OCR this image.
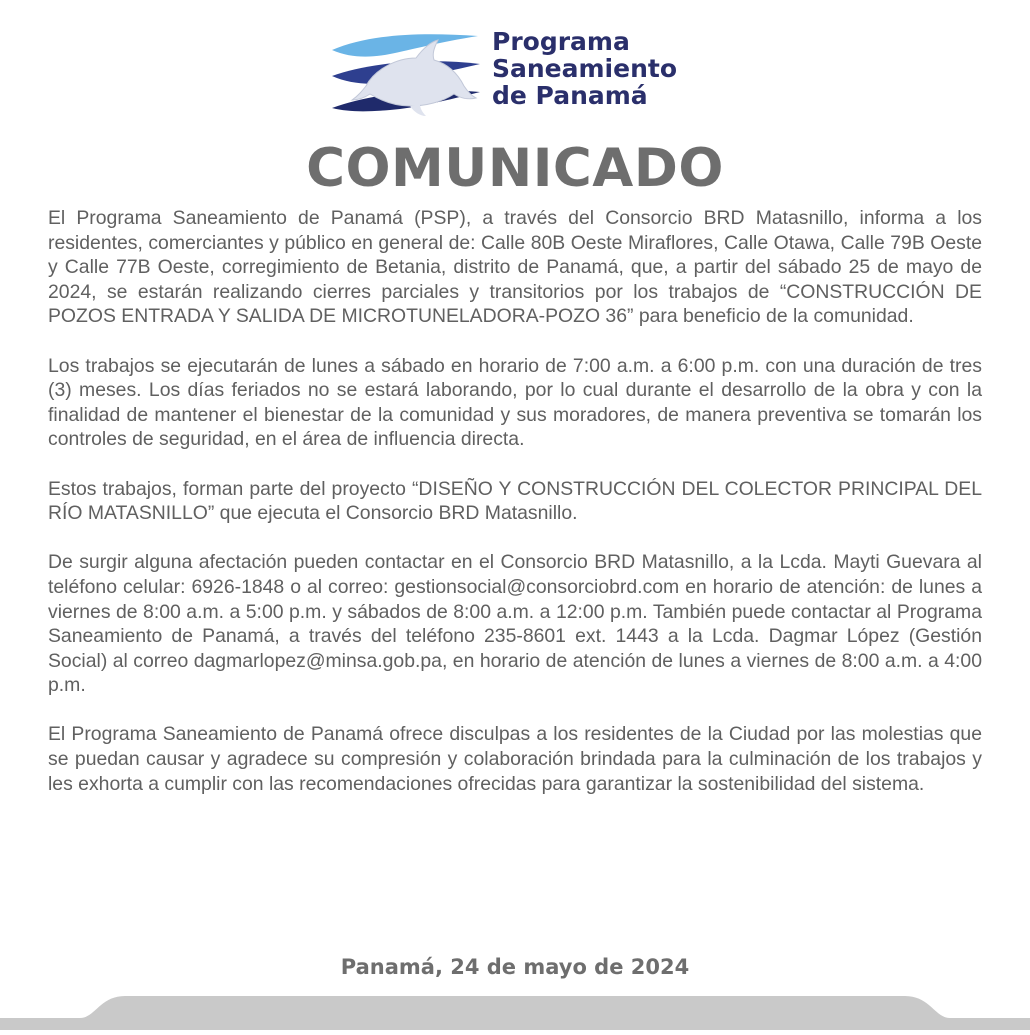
Programa
Saneamiento
de Panamá
COMUNICADO

El Programa Saneamiento de Panamá (PSP), a través del Consorcio BRD Matasnillo, informa a los residentes, comerciantes y público en general de: Calle 80B Oeste Miraflores, Calle Otawa, Calle 79B Oeste y Calle 77B Oeste, corregimiento de Betania, distrito de Panamá, que, a partir del sábado 25 de mayo de 2024, se estarán realizando cierres parciales y transitorios por los trabajos de “CONSTRUCCIÓN DE POZOS ENTRADA Y SALIDA DE MICROTUNELADORA-POZO 36” para beneficio de la comunidad.

Los trabajos se ejecutarán de lunes a sábado en horario de 7:00 a.m. a 6:00 p.m. con una duración de tres (3) meses. Los días feriados no se estará laborando, por lo cual durante el desarrollo de la obra y con la finalidad de mantener el bienestar de la comunidad y sus moradores, de manera preventiva se tomarán los controles de seguridad, en el área de influencia directa.

Estos trabajos, forman parte del proyecto “DISEÑO Y CONSTRUCCIÓN DEL COLECTOR PRINCIPAL DEL RÍO MATASNILLO” que ejecuta el Consorcio BRD Matasnillo.

De surgir alguna afectación pueden contactar en el Consorcio BRD Matasnillo, a la Lcda. Mayti Guevara al teléfono celular: 6926-1848 o al correo: gestionsocial@consorciobrd.com en horario de atención: de lunes a viernes de 8:00 a.m. a 5:00 p.m. y sábados de 8:00 a.m. a 12:00 p.m. También puede contactar al Programa Saneamiento de Panamá, a través del teléfono 235-8601 ext. 1443 a la Lcda. Dagmar López (Gestión Social) al correo dagmarlopez@minsa.gob.pa, en horario de atención de lunes a viernes de 8:00 a.m. a 4:00 p.m.

El Programa Saneamiento de Panamá ofrece disculpas a los residentes de la Ciudad por las molestias que se puedan causar y agradece su compresión y colaboración brindada para la culminación de los trabajos y les exhorta a cumplir con las recomendaciones ofrecidas para garantizar la sostenibilidad del sistema.

Panamá, 24 de mayo de 2024
